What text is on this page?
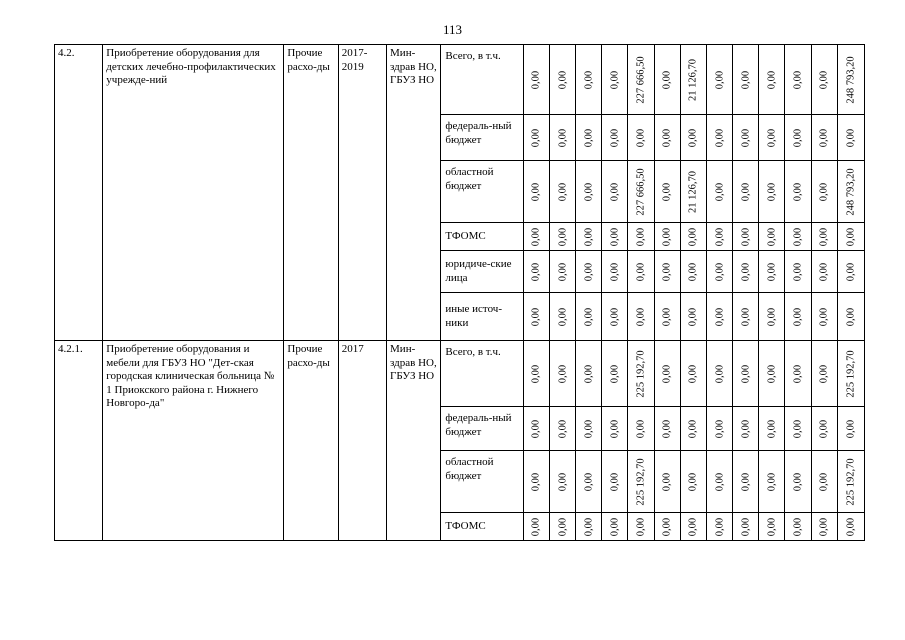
113
4.2.	Приобретение оборудования для детских лечебно-профилактических учрежде-ний	Прочие расхо-ды	2017-2019	Мин-здрав НО, ГБУЗ НО	Всего, в т.ч.	0,00	0,00	0,00	0,00	227 666,50	0,00	21 126,70	0,00	0,00	0,00	0,00	0,00	248 793,20

					федераль-ный бюджет	0,00	0,00	0,00	0,00	0,00	0,00	0,00	0,00	0,00	0,00	0,00	0,00	0,00

					областной бюджет	0,00	0,00	0,00	0,00	227 666,50	0,00	21 126,70	0,00	0,00	0,00	0,00	0,00	248 793,20

					ТФОМС	0,00	0,00	0,00	0,00	0,00	0,00	0,00	0,00	0,00	0,00	0,00	0,00	0,00

					юридиче-ские лица	0,00	0,00	0,00	0,00	0,00	0,00	0,00	0,00	0,00	0,00	0,00	0,00	0,00

					иные источ-ники	0,00	0,00	0,00	0,00	0,00	0,00	0,00	0,00	0,00	0,00	0,00	0,00	0,00

4.2.1.	Приобретение оборудования и мебели для ГБУЗ НО "Дет-ская городская клиническая больница № 1 Приокского района г. Нижнего Новгоро-да"	Прочие расхо-ды	2017	Мин-здрав НО, ГБУЗ НО	Всего, в т.ч.	0,00	0,00	0,00	0,00	225 192,70	0,00	0,00	0,00	0,00	0,00	0,00	0,00	225 192,70

					федераль-ный бюджет	0,00	0,00	0,00	0,00	0,00	0,00	0,00	0,00	0,00	0,00	0,00	0,00	0,00

					областной бюджет	0,00	0,00	0,00	0,00	225 192,70	0,00	0,00	0,00	0,00	0,00	0,00	0,00	225 192,70

					ТФОМС	0,00	0,00	0,00	0,00	0,00	0,00	0,00	0,00	0,00	0,00	0,00	0,00	0,00
